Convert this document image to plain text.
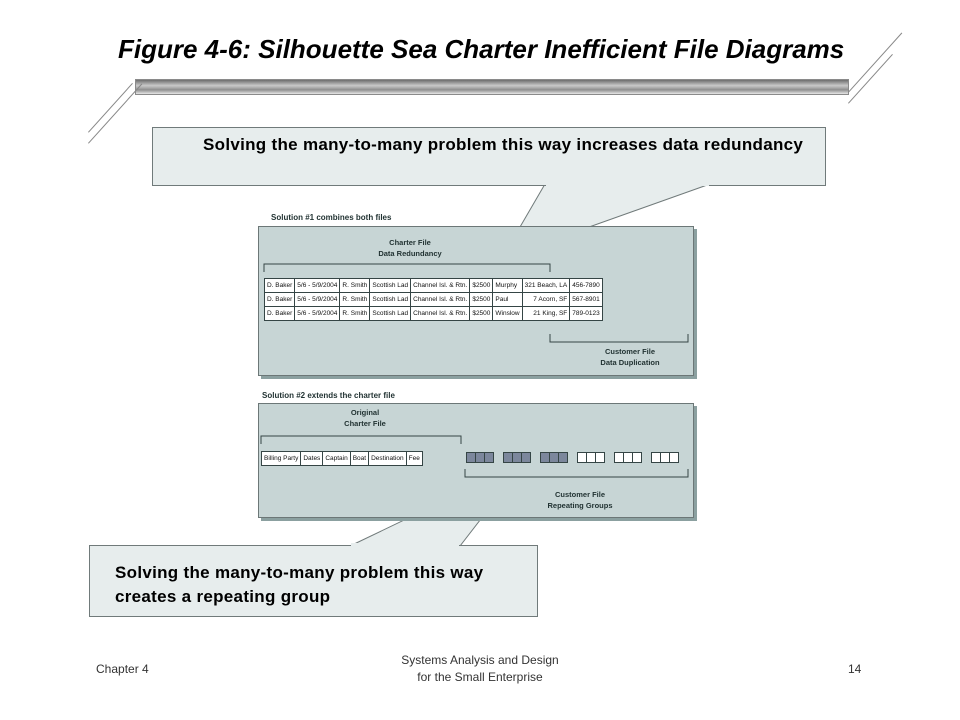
Figure 4-6: Silhouette Sea Charter Inefficient File Diagrams
Solving the many-to-many problem this way increases data redundancy
Solution #1 combines both files
Charter File
Data Redundancy
D. Baker	5/6 - 5/9/2004	R. Smith	Scottish Lad	Channel Isl. & Rtn.	$2500	Murphy	321 Beach, LA	456-7890
D. Baker	5/6 - 5/9/2004	R. Smith	Scottish Lad	Channel Isl. & Rtn.	$2500	Paul	7 Acorn, SF	567-8901
D. Baker	5/6 - 5/9/2004	R. Smith	Scottish Lad	Channel Isl. & Rtn.	$2500	Winslow	21 King, SF	789-0123
Customer File
Data Duplication
Solution #2 extends the charter file
Original
Charter File
Billing Party	Dates	Captain	Boat	Destination	Fee
Customer File
Repeating Groups
Solving the many-to-many problem this way creates a repeating group
Chapter 4
Systems Analysis and Design
for the Small Enterprise
14
